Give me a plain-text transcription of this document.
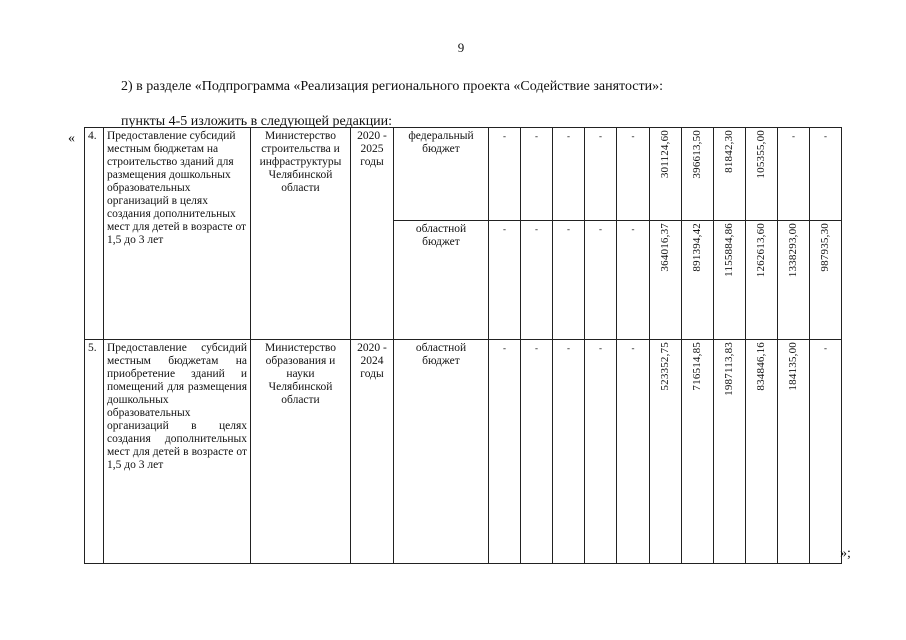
9
2) в разделе «Подпрограмма «Реализация регионального проекта «Содействие занятости»:
пункты 4-5 изложить в следующей редакции:
« 4.	Предоставление субсидий местным бюджетам на строительство зданий для размещения дошкольных образовательных организаций в целях создания дополнительных мест для детей в возрасте от 1,5 до 3 лет	Министерство строительства и инфраструктуры Челябинской области	2020 - 2025 годы	федеральный бюджет	-	-	-	-	-	301124,60	396613,50	81842,30	105355,00	-	-
				областной бюджет	-	-	-	-	-	364016,37	891394,42	1155884,86	1262613,60	1338293,00	987935,30
5.	Предоставление субсидий местным бюджетам на приобретение зданий и помещений для размещения дошкольных образовательных организаций в целях создания дополнительных мест для детей в возрасте от 1,5 до 3 лет	Министерство образования и науки Челябинской области	2020 - 2024 годы	областной бюджет	-	-	-	-	-	523352,75	716514,85	1987113,83	834846,16	184135,00	-
»;
